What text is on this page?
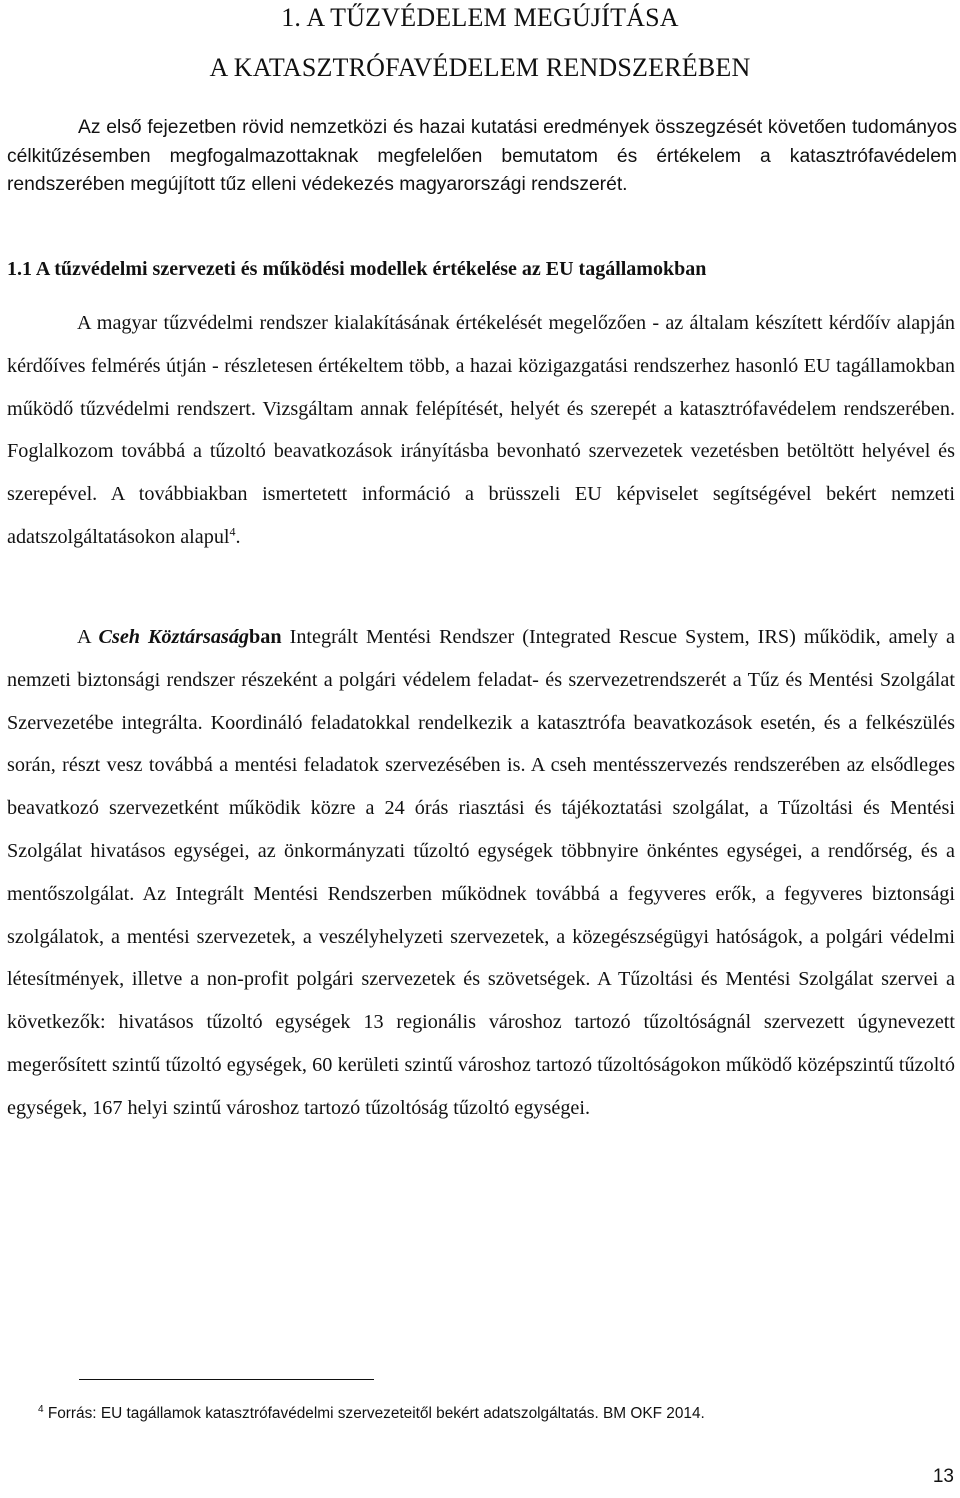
1. A TŰZVÉDELEM MEGÚJÍTÁSA
A KATASZTRÓFAVÉDELEM RENDSZERÉBEN

Az első fejezetben rövid nemzetközi és hazai kutatási eredmények összegzését követően tudományos célkitűzésemben megfogalmazottaknak megfelelően bemutatom és értékelem a katasztrófavédelem rendszerében megújított tűz elleni védekezés magyarországi rendszerét.

1.1 A tűzvédelmi szervezeti és működési modellek értékelése az EU tagállamokban

A magyar tűzvédelmi rendszer kialakításának értékelését megelőzően - az általam készített kérdőív alapján kérdőíves felmérés útján - részletesen értékeltem több, a hazai közigazgatási rendszerhez hasonló EU tagállamokban működő tűzvédelmi rendszert. Vizsgáltam annak felépítését, helyét és szerepét a katasztrófavédelem rendszerében. Foglalkozom továbbá a tűzoltó beavatkozások irányításba bevonható szervezetek vezetésben betöltött helyével és szerepével. A továbbiakban ismertetett információ a brüsszeli EU képviselet segítségével bekért nemzeti adatszolgáltatásokon alapul$^4$.

A Cseh Köztársaságban Integrált Mentési Rendszer (Integrated Rescue System, IRS) működik, amely a nemzeti biztonsági rendszer részeként a polgári védelem feladat- és szervezetrendszerét a Tűz és Mentési Szolgálat Szervezetébe integrálta. Koordináló feladatokkal rendelkezik a katasztrófa beavatkozások esetén, és a felkészülés során, részt vesz továbbá a mentési feladatok szervezésében is. A cseh mentésszervezés rendszerében az elsődleges beavatkozó szervezetként működik közre a 24 órás riasztási és tájékoztatási szolgálat, a Tűzoltási és Mentési Szolgálat hivatásos egységei, az önkormányzati tűzoltó egységek többnyire önkéntes egységei, a rendőrség, és a mentőszolgálat. Az Integrált Mentési Rendszerben működnek továbbá a fegyveres erők, a fegyveres biztonsági szolgálatok, a mentési szervezetek, a veszélyhelyzeti szervezetek, a közegészségügyi hatóságok, a polgári védelmi létesítmények, illetve a non-profit polgári szervezetek és szövetségek. A Tűzoltási és Mentési Szolgálat szervei a következők: hivatásos tűzoltó egységek 13 regionális városhoz tartozó tűzoltóságnál szervezett úgynevezett megerősített szintű tűzoltó egységek, 60 kerületi szintű városhoz tartozó tűzoltóságokon működő középszintű tűzoltó egységek, 167 helyi szintű városhoz tartozó tűzoltóság tűzoltó egységei.

$^4$ Forrás: EU tagállamok katasztrófavédelmi szervezeteitől bekért adatszolgáltatás. BM OKF 2014.

13
